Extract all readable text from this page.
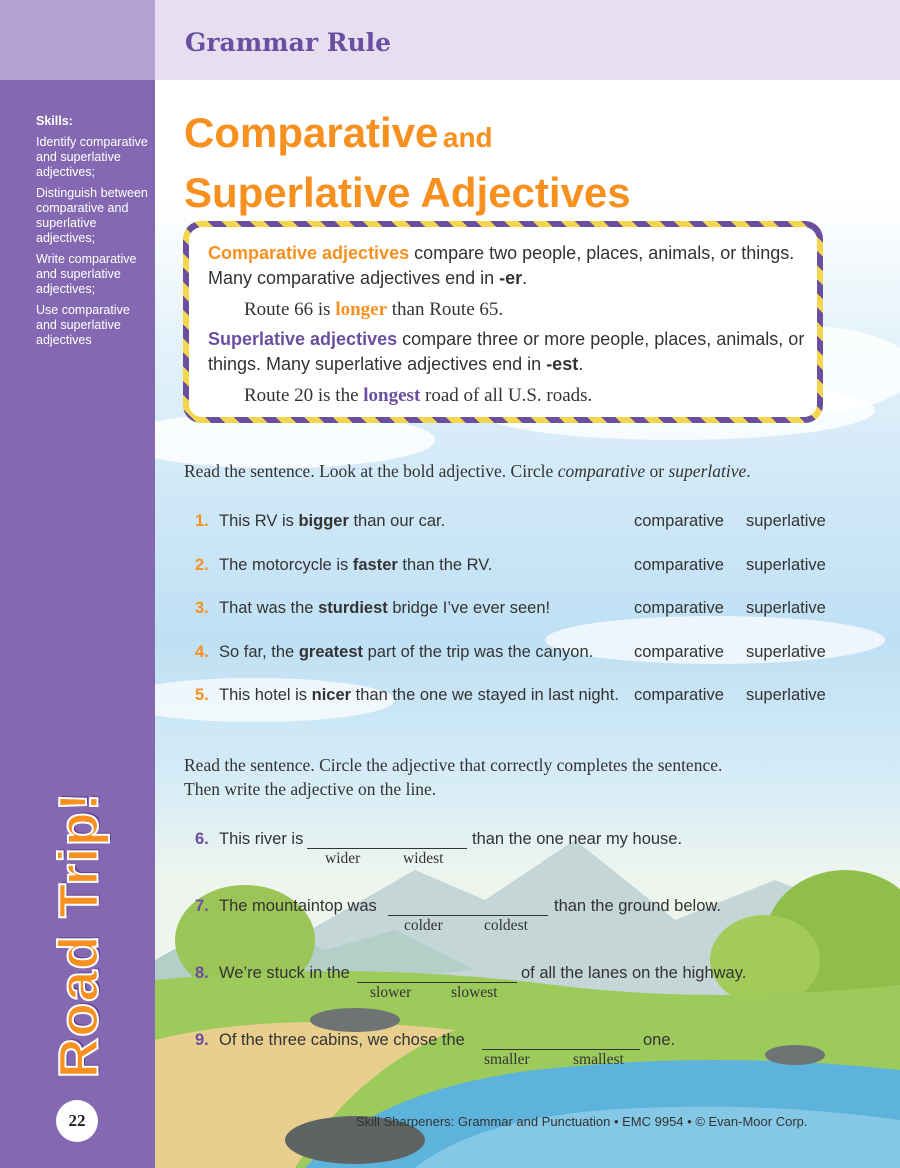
Skills:
Identify comparative and superlative adjectives;
Distinguish between comparative and superlative adjectives;
Write comparative and superlative adjectives;
Use comparative and superlative adjectives
Road Trip!
22
Grammar Rule
Comparative and
Superlative Adjectives
Comparative adjectives compare two people, places, animals, or things. Many comparative adjectives end in -er.
Route 66 is longer than Route 65.
Superlative adjectives compare three or more people, places, animals, or things. Many superlative adjectives end in -est.
Route 20 is the longest road of all U.S. roads.
Read the sentence. Look at the bold adjective. Circle comparative or superlative.
1. This RV is bigger than our car.	comparative superlative
2. The motorcycle is faster than the RV.	comparative superlative
3. That was the sturdiest bridge I’ve ever seen!	comparative superlative
4. So far, the greatest part of the trip was the canyon. comparative superlative
5. This hotel is nicer than the one we stayed in last night. comparative superlative
Read the sentence. Circle the adjective that correctly completes the sentence.
Then write the adjective on the line.
6. This river is	than the one near my house.
wider	widest
7. The mountaintop was	than the ground below.
colder	coldest
8. We’re stuck in the	of all the lanes on the highway.
slower	slowest
9. Of the three cabins, we chose the	one.
smaller	smallest
Skill Sharpeners: Grammar and Punctuation • EMC 9954 • © Evan-Moor Corp.
